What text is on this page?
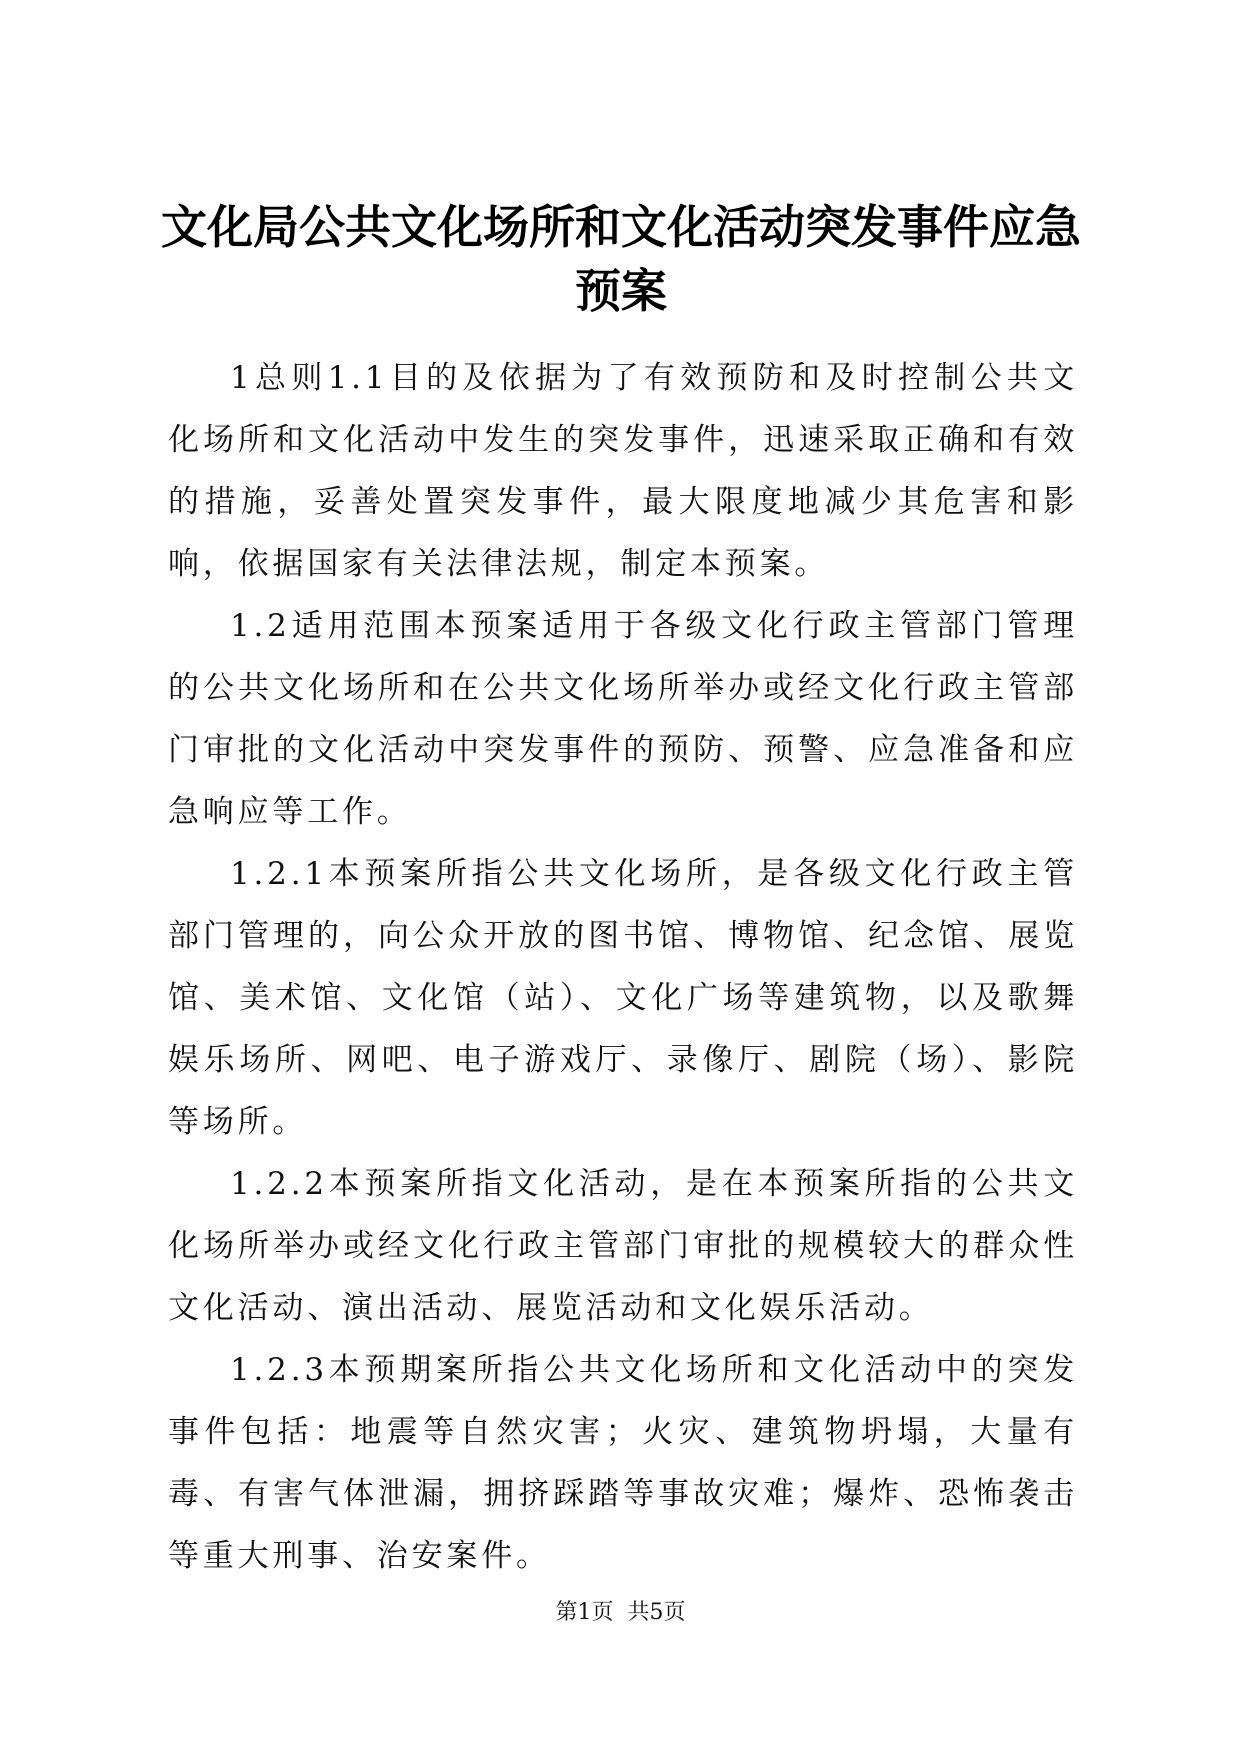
文化局公共文化场所和文化活动突发事件应急预案

1总则1.1目的及依据为了有效预防和及时控制公共文化场所和文化活动中发生的突发事件，迅速采取正确和有效的措施，妥善处置突发事件，最大限度地减少其危害和影响，依据国家有关法律法规，制定本预案。

1.2适用范围本预案适用于各级文化行政主管部门管理的公共文化场所和在公共文化场所举办或经文化行政主管部门审批的文化活动中突发事件的预防、预警、应急准备和应急响应等工作。

1.2.1本预案所指公共文化场所，是各级文化行政主管部门管理的，向公众开放的图书馆、博物馆、纪念馆、展览馆、美术馆、文化馆（站）、文化广场等建筑物，以及歌舞娱乐场所、网吧、电子游戏厅、录像厅、剧院（场）、影院等场所。

1.2.2本预案所指文化活动，是在本预案所指的公共文化场所举办或经文化行政主管部门审批的规模较大的群众性文化活动、演出活动、展览活动和文化娱乐活动。

1.2.3本预期案所指公共文化场所和文化活动中的突发事件包括：地震等自然灾害；火灾、建筑物坍塌，大量有毒、有害气体泄漏，拥挤踩踏等事故灾难；爆炸、恐怖袭击等重大刑事、治安案件。

第1页 共5页
